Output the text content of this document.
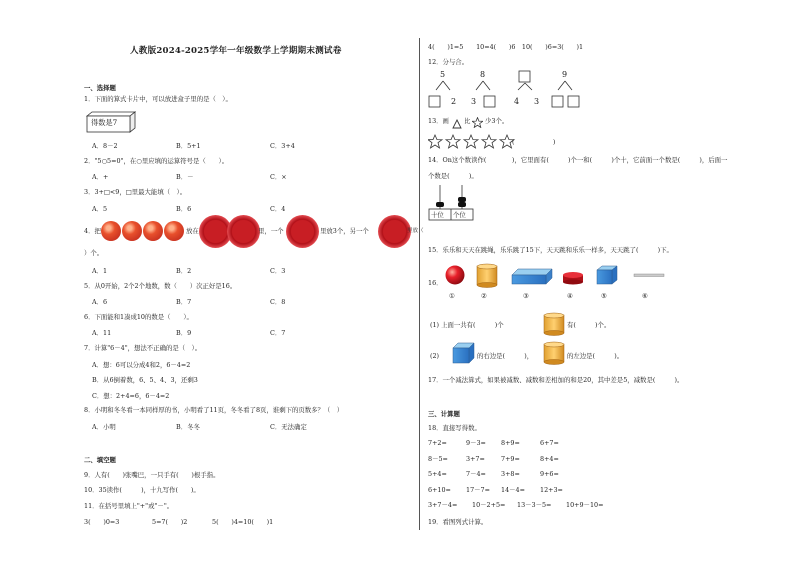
人教版2024-2025学年一年级数学上学期期末测试卷
一、选择题
1．下面的算式卡片中，可以放进盒子里的是（　）。
得数是7
A．8－2	B．5+1	C．3+4
2．"5○5=0"，在○里应填的运算符号是（　　）。
A．+	B．－	C．×
3．3+□<9，□里最大能填（　）。
A．5	B．6	C．4
4．把	放在	里，一个	里放3个，另一个	里放（
）个。
A．1	B．2	C．3
5．从0开始，2个2个地数，数（　　）次正好是16。
A．6	B．7	C．8
6．下面能和1凑成10的数是（　　）。
A．11	B．9	C．7
7．计算"6－4"，想法不正确的是（　）。
A．想：6可以分成4和2，6－4=2
B．从6倒着数，6、5、4、3，还剩3
C．想：2+4=6，6－4=2
8．小明和冬冬看一本同样厚的书，小明看了11页，冬冬看了8页，谁剩下的页数多？（　）
A．小明	B．冬冬	C．无法确定
二、填空题
9．人有(　　)张嘴巴，一只手有(　　)根手指。
10．35读作(　　　)，十九写作(　　)。
11．在括号里填上"+"或"－"。
3(　　)0=3	5=7(　　)2	5(　　)4=10(　　)1
4(　　)1=5　　10=4(　　)6　10(　　)6=3(　　)1
12．分与合。
5
2
8
3	4 3
9
13．画 比 少3个。
(　　　　　　)
14．On这个数读作(　　　　)，它里面有(　　　)个一和(　　　)个十，它前面一个数是(　　　)，后面一
个数是(　　　)。
十位 个位
15．乐乐和天天在跳绳，乐乐跳了15下，天天跳和乐乐一样多，天天跳了(　　　)下。
16．
①	②	③	④	⑤	⑥
(1) 上面一共有(　　　)个	有(　　　)个。
(2)	的右边是(　　　)，	的左边是(　　　)。
17．一个减法算式，如果被减数、减数和差相加的和是20，其中差是5，减数是(　　　)。
三、计算题
18．直接写得数。
7+2=	9－3= 8+9=	6+7=
8－5=	3+7=	7+9=	8+4=
5+4=	7－4= 3+8=	9+6=
6+10= 17－7= 14－4= 12+3=
3+7－4= 10－2+5= 13－3－5= 10+9－10=
19．看图列式计算。
